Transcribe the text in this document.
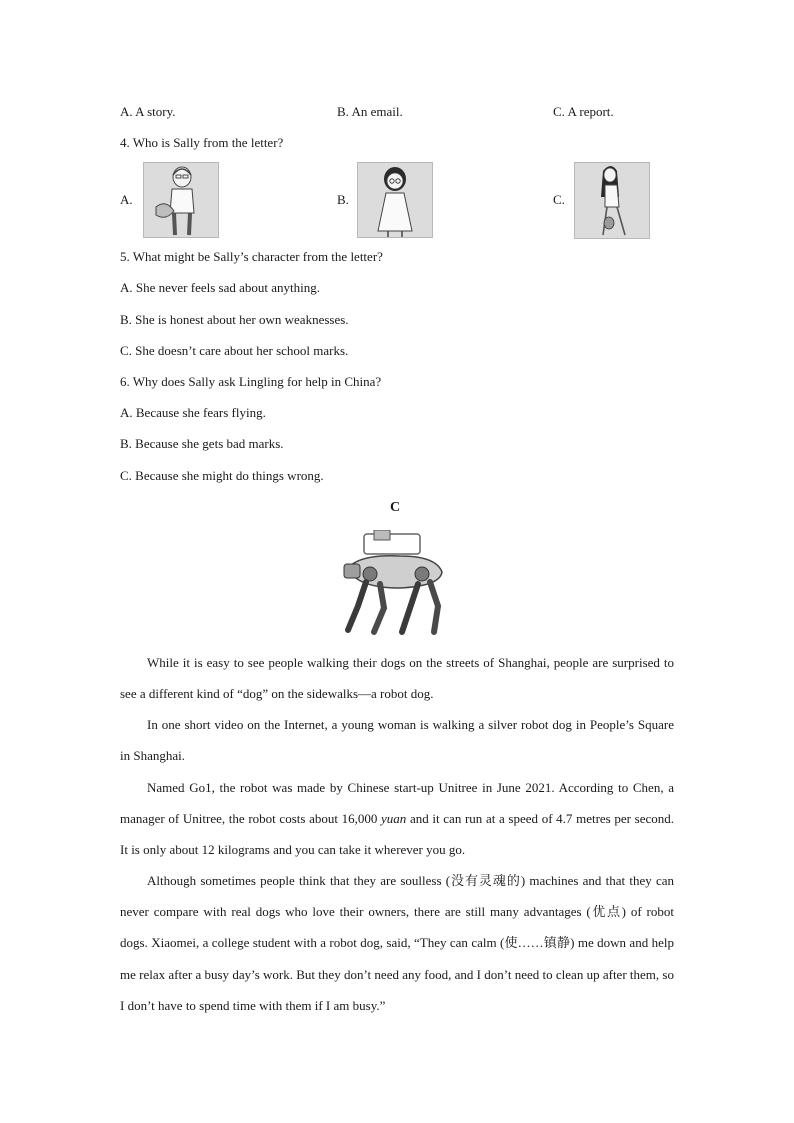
A. A story.	B. An email.	C. A report.
4. Who is Sally from the letter?
A.	B.	C.
5. What might be Sally’s character from the letter?
A. She never feels sad about anything.
B. She is honest about her own weaknesses.
C. She doesn’t care about her school marks.
6. Why does Sally ask Lingling for help in China?
A. Because she fears flying.
B. Because she gets bad marks.
C. Because she might do things wrong.
C
While it is easy to see people walking their dogs on the streets of Shanghai, people are surprised to see a different kind of “dog” on the sidewalks—a robot dog.
In one short video on the Internet, a young woman is walking a silver robot dog in People’s Square in Shanghai.
Named Go1, the robot was made by Chinese start-up Unitree in June 2021. According to Chen, a manager of Unitree, the robot costs about 16,000 yuan and it can run at a speed of 4.7 metres per second. It is only about 12 kilograms and you can take it wherever you go.
Although sometimes people think that they are soulless (没有灵魂的) machines and that they can never compare with real dogs who love their owners, there are still many advantages (优点) of robot dogs. Xiaomei, a college student with a robot dog, said, “They can calm (使……镇静) me down and help me relax after a busy day’s work. But they don’t need any food, and I don’t need to clean up after them, so I don’t have to spend time with them if I am busy.”
